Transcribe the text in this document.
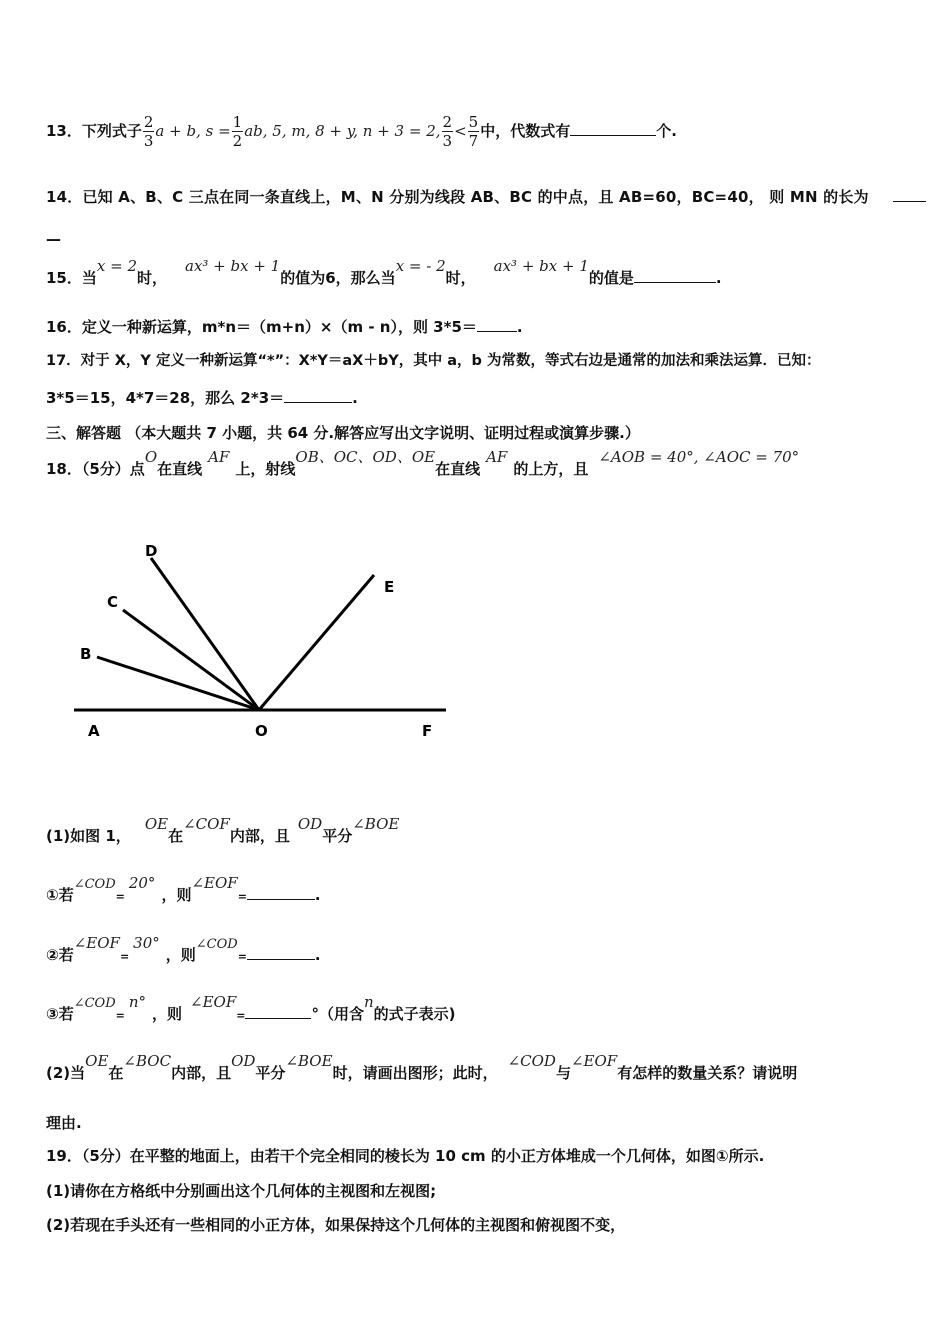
13．下列式子 $\frac{2}{3}$ a + b, $s = \frac{1}{2}$ ab, 5, m, 8 + y, n + 3 = 2, $\frac{2}{3} < \frac{5}{7}$ 中，代数式有	个.
14．已知 A、B、C 三点在同一条直线上，M、N 分别为线段 AB、BC 的中点，且 AB=60，BC=40， 则 MN 的长为
—
15．当x = 2时，ax³ + bx + 1的值为6，那么当x = - 2时，ax³ + bx + 1的值是	.
16．定义一种新运算，m*n＝（m+n）×（m - n），则 3*5＝	.
17．对于 X，Y 定义一种新运算“*”：X*Y＝aX＋bY，其中 a，b 为常数，等式右边是通常的加法和乘法运算．已知：
3*5＝15，4*7＝28，那么 2*3＝	.
三、解答题 （本大题共 7 小题，共 64 分.解答应写出文字说明、证明过程或演算步骤.）
18．（5分）点O在直线AF上，射线OB、OC、OD、OE在直线AF的上方，且∠AOB = 40°, ∠AOC = 70°
D
C
B
E
A	O	F
(1)如图 1，OE在∠COF内部，且OD平分∠BOE
①若∠COD=20°，则∠EOF=	.
②若∠EOF=30°，则∠COD=	.
③若∠COD=n°，则∠EOF=	°（用含n的式子表示)
(2)当OE在∠BOC内部，且OD平分∠BOE时，请画出图形；此时，∠COD与∠EOF有怎样的数量关系？请说明
理由.
19．（5分）在平整的地面上，由若干个完全相同的棱长为 10 cm 的小正方体堆成一个几何体，如图①所示.
(1)请你在方格纸中分别画出这个几何体的主视图和左视图;
(2)若现在手头还有一些相同的小正方体，如果保持这个几何体的主视图和俯视图不变，
